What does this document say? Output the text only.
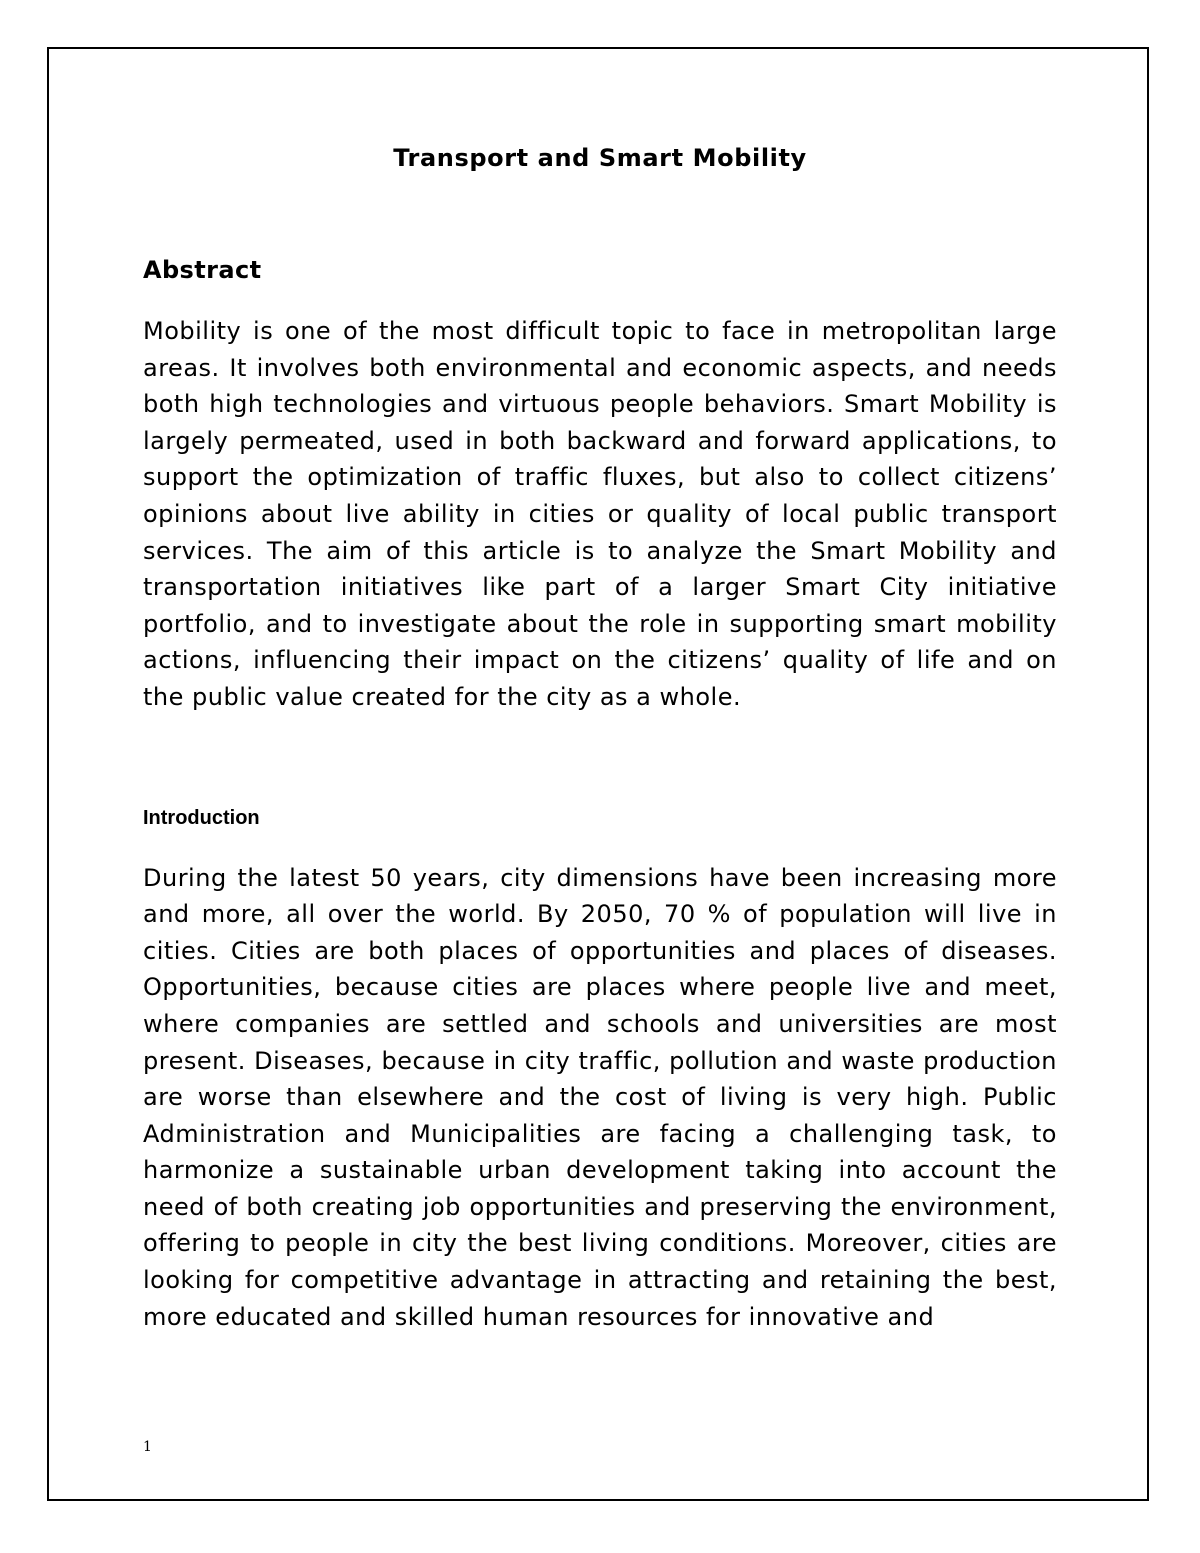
Transport and Smart Mobility
Abstract

Mobility is one of the most difficult topic to face in metropolitan large areas. It involves both environmental and economic aspects, and needs both high technologies and virtuous people behaviors. Smart Mobility is largely permeated, used in both backward and forward applications, to support the optimization of traffic fluxes, but also to collect citizens’ opinions about live ability in cities or quality of local public transport services. The aim of this article is to analyze the Smart Mobility and transportation initiatives like part of a larger Smart City initiative portfolio, and to investigate about the role in supporting smart mobility actions, influencing their impact on the citizens’ quality of life and on the public value created for the city as a whole.

Introduction

During the latest 50 years, city dimensions have been increasing more and more, all over the world. By 2050, 70 % of population will live in cities. Cities are both places of opportunities and places of diseases. Opportunities, because cities are places where people live and meet, where companies are settled and schools and universities are most present. Diseases, because in city traffic, pollution and waste production are worse than elsewhere and the cost of living is very high. Public Administration and Municipalities are facing a challenging task, to harmonize a sustainable urban development taking into account the need of both creating job opportunities and preserving the environment, offering to people in city the best living conditions. Moreover, cities are looking for competitive advantage in attracting and retaining the best, more educated and skilled human resources for innovative and

1
